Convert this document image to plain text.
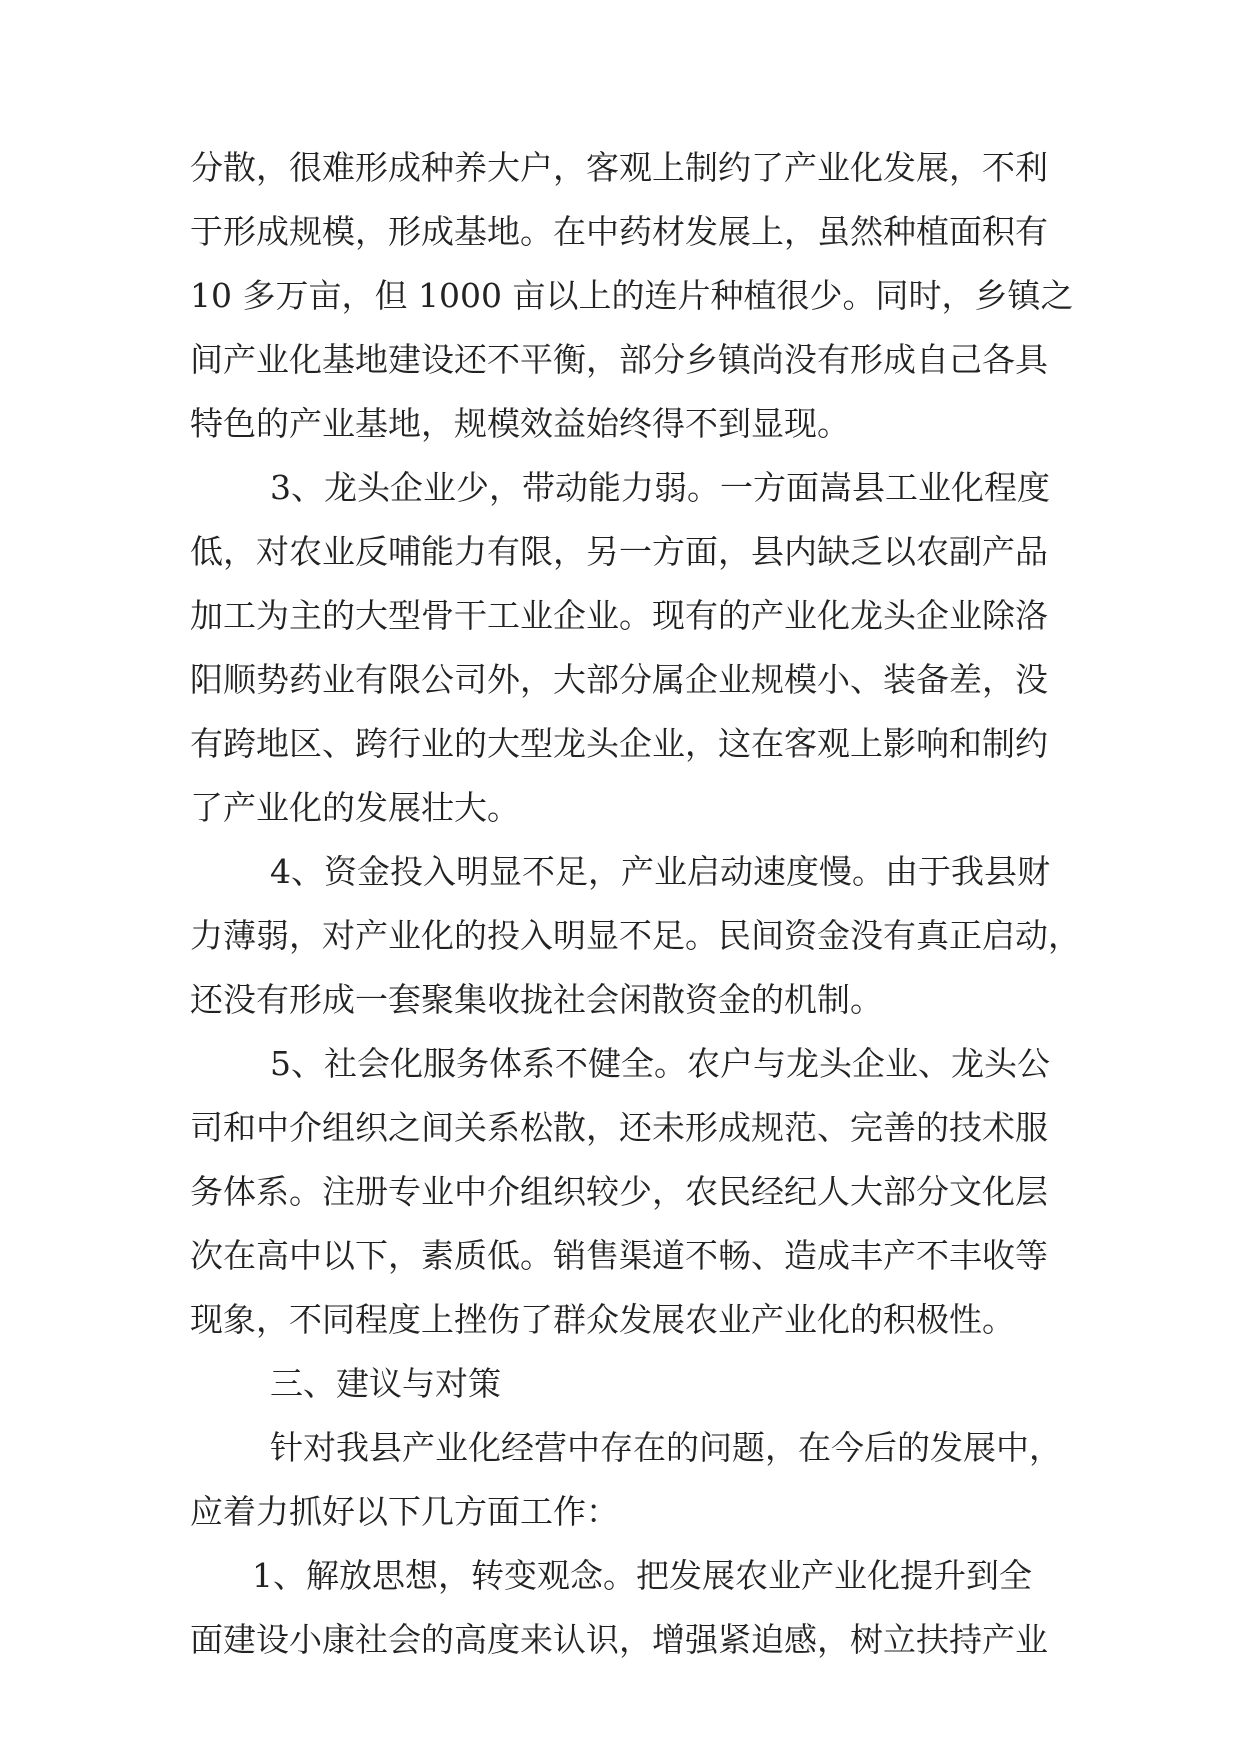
分散，很难形成种养大户，客观上制约了产业化发展，不利
于形成规模，形成基地。在中药材发展上，虽然种植面积有
10 多万亩，但 1000 亩以上的连片种植很少。同时，乡镇之
间产业化基地建设还不平衡，部分乡镇尚没有形成自己各具
特色的产业基地，规模效益始终得不到显现。
3、龙头企业少，带动能力弱。一方面嵩县工业化程度
低，对农业反哺能力有限，另一方面，县内缺乏以农副产品
加工为主的大型骨干工业企业。现有的产业化龙头企业除洛
阳顺势药业有限公司外，大部分属企业规模小、装备差，没
有跨地区、跨行业的大型龙头企业，这在客观上影响和制约
了产业化的发展壮大。
4、资金投入明显不足，产业启动速度慢。由于我县财
力薄弱，对产业化的投入明显不足。民间资金没有真正启动，
还没有形成一套聚集收拢社会闲散资金的机制。
5、社会化服务体系不健全。农户与龙头企业、龙头公
司和中介组织之间关系松散，还未形成规范、完善的技术服
务体系。注册专业中介组织较少，农民经纪人大部分文化层
次在高中以下，素质低。销售渠道不畅、造成丰产不丰收等
现象，不同程度上挫伤了群众发展农业产业化的积极性。
三、建议与对策
针对我县产业化经营中存在的问题，在今后的发展中，
应着力抓好以下几方面工作：
1、解放思想，转变观念。把发展农业产业化提升到全
面建设小康社会的高度来认识，增强紧迫感，树立扶持产业
